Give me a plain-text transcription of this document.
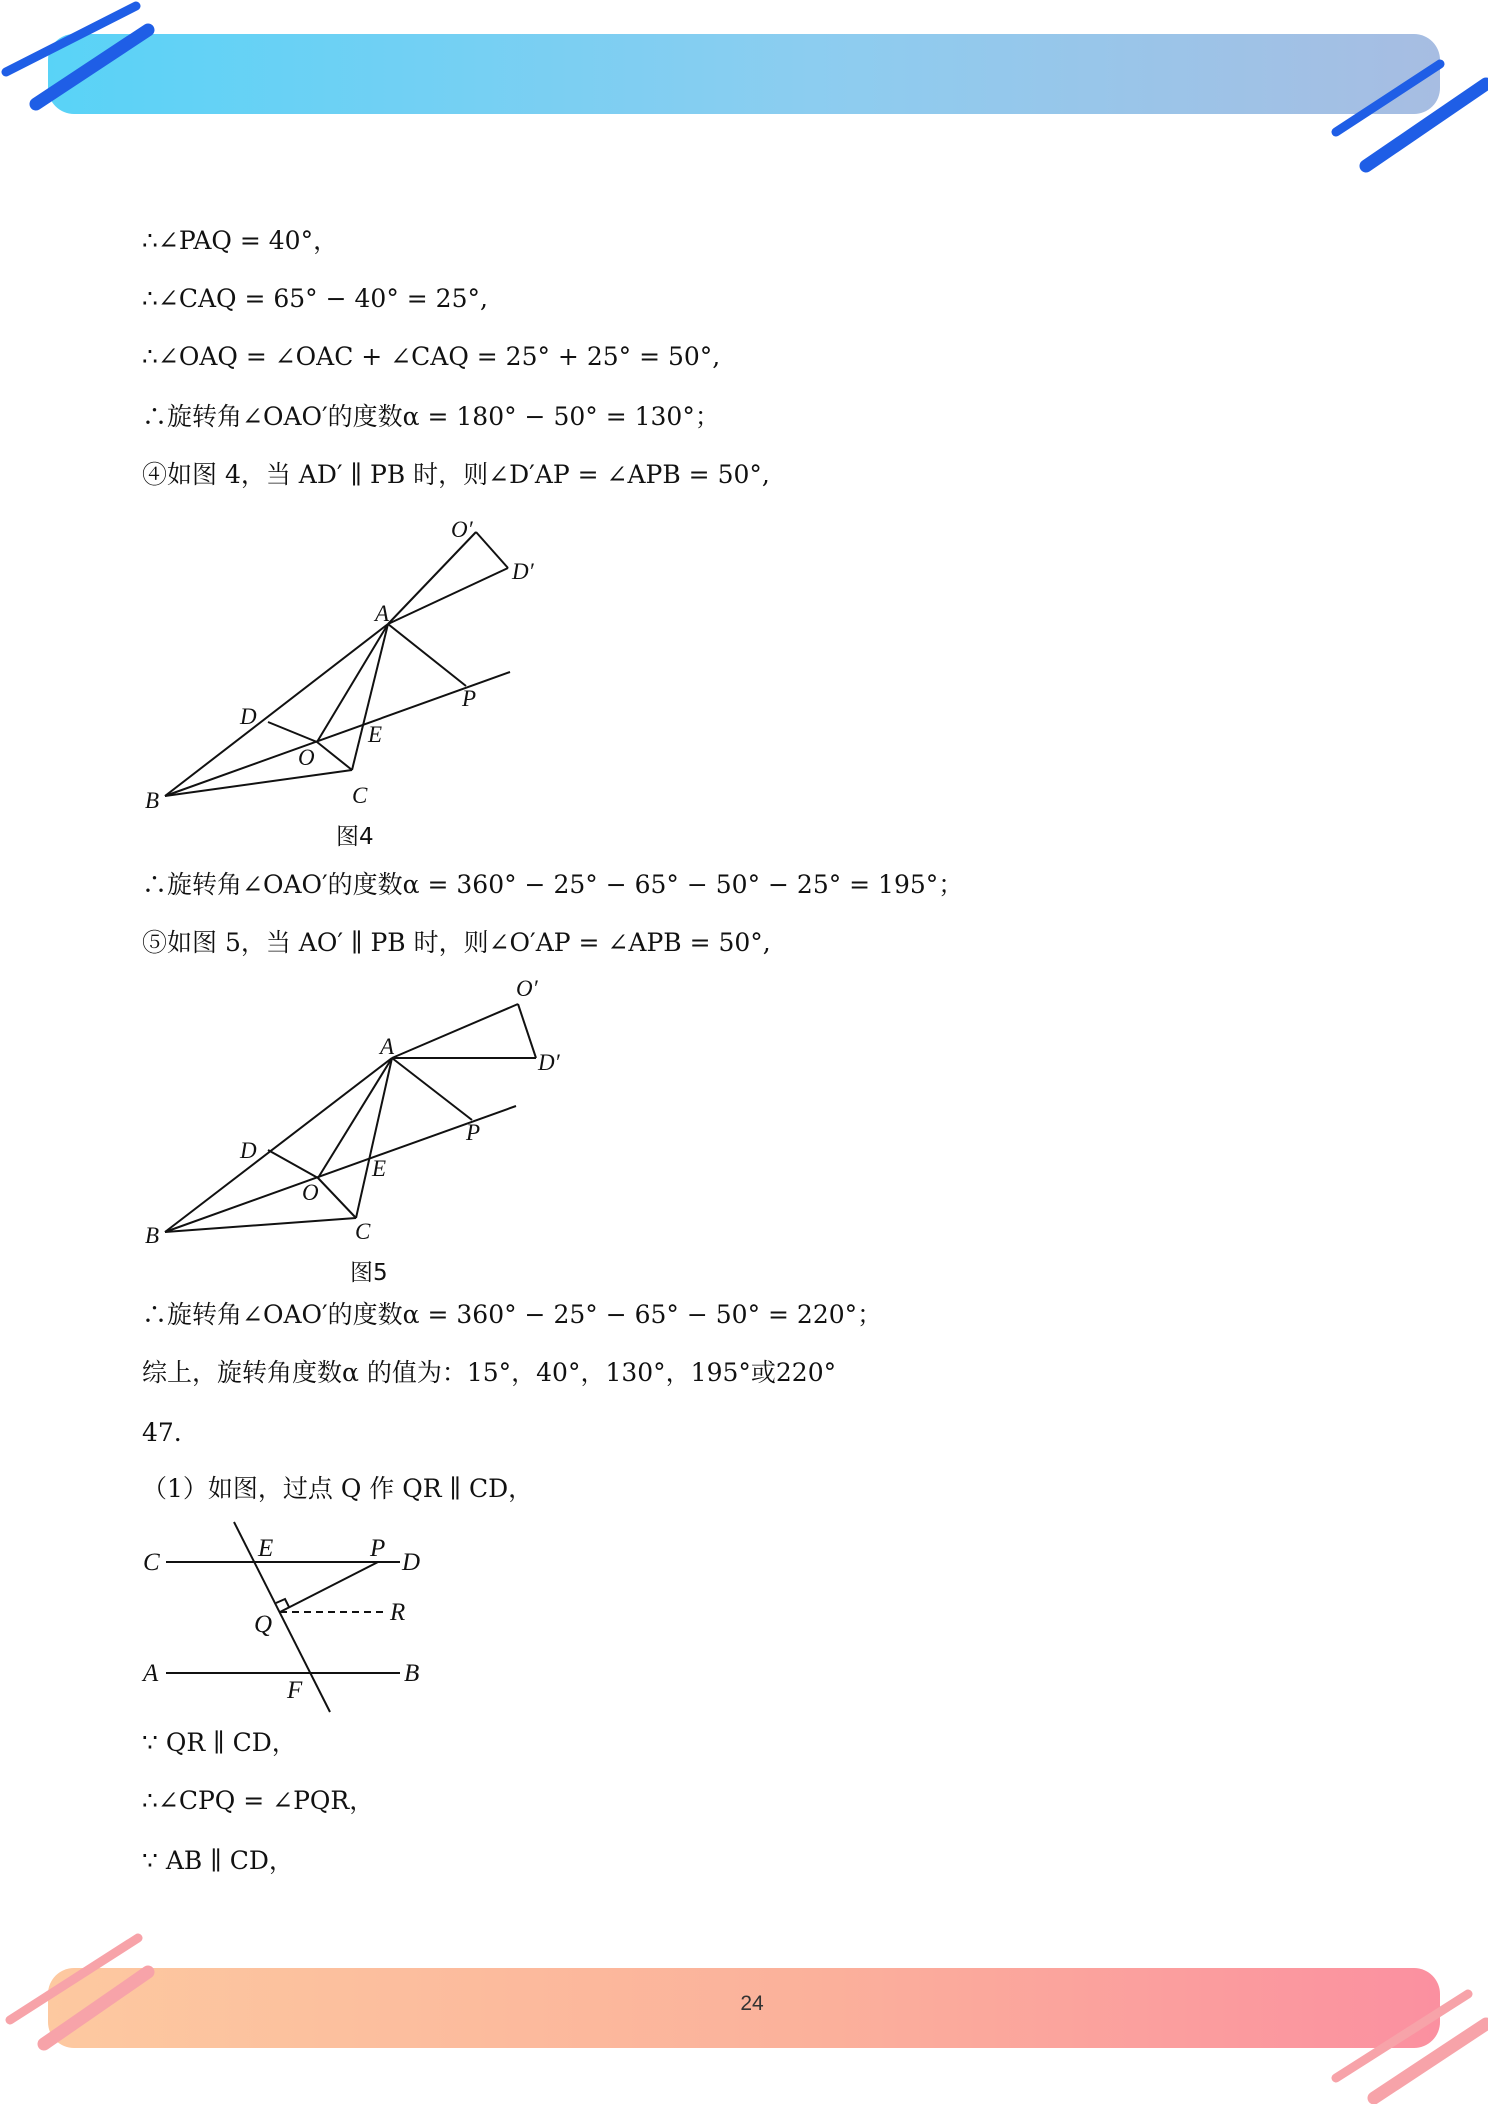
24
∴∠PAQ = 40°，
∴∠CAQ = 65° − 40° = 25°,
∴∠OAQ = ∠OAC + ∠CAQ = 25° + 25° = 50°,
∴旋转角∠OAO′的度数α = 180° − 50° = 130°；
④如图 4，当 AD′ ∥ PB 时，则∠D′AP = ∠APB = 50°,
∴旋转角∠OAO′的度数α = 360° − 25° − 65° − 50° − 25° = 195°；
⑤如图 5，当 AO′ ∥ PB 时，则∠O′AP = ∠APB = 50°,
∴旋转角∠OAO′的度数α = 360° − 25° − 65° − 50° = 220°；
综上，旋转角度数α 的值为：15°，40°，130°，195°或220°
47.
（1）如图，过点 Q 作 QR ∥ CD，
∵ QR ∥ CD，
∴∠CPQ = ∠PQR，
∵ AB ∥ CD，
O′
D′
A
P
D
E
O
B	C
图4
O′
A
D′
P
D
E
O
B	C
图5
C
E	P
D
Q	R
A
F
B
